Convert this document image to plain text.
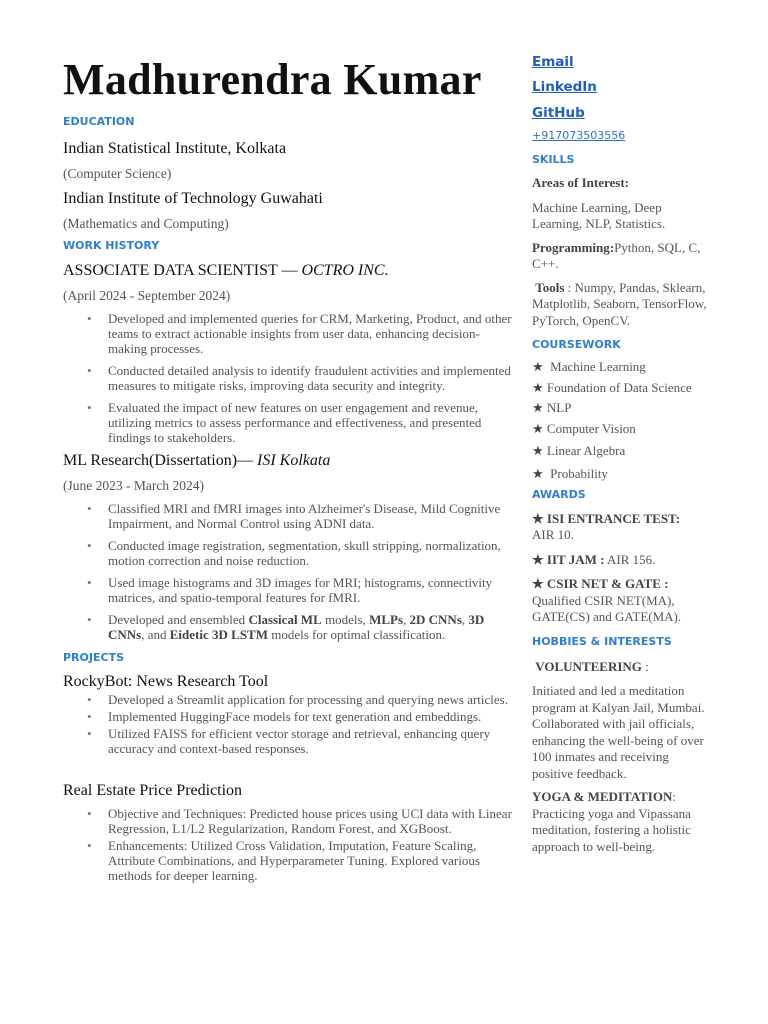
Madhurendra Kumar

EDUCATION

Indian Statistical Institute, Kolkata

(Computer Science)

Indian Institute of Technology Guwahati

(Mathematics and Computing)

WORK HISTORY

ASSOCIATE DATA SCIENTIST — OCTRO INC.

(April 2024 - September 2024)

• Developed and implemented queries for CRM, Marketing, Product, and other teams to extract actionable insights from user data, enhancing decision-making processes.
• Conducted detailed analysis to identify fraudulent activities and implemented measures to mitigate risks, improving data security and integrity.
• Evaluated the impact of new features on user engagement and revenue, utilizing metrics to assess performance and effectiveness, and presented findings to stakeholders.

ML Research(Dissertation)— ISI Kolkata

(June 2023 - March 2024)

• Classified MRI and fMRI images into Alzheimer's Disease, Mild Cognitive Impairment, and Normal Control using ADNI data.
• Conducted image registration, segmentation, skull stripping, normalization, motion correction and noise reduction.
• Used image histograms and 3D images for MRI; histograms, connectivity matrices, and spatio-temporal features for fMRI.
• Developed and ensembled Classical ML models, MLPs, 2D CNNs, 3D CNNs, and Eidetic 3D LSTM models for optimal classification.

PROJECTS

RockyBot: News Research Tool

• Developed a Streamlit application for processing and querying news articles.
• Implemented HuggingFace models for text generation and embeddings.
• Utilized FAISS for efficient vector storage and retrieval, enhancing query accuracy and context-based responses.

Real Estate Price Prediction

• Objective and Techniques: Predicted house prices using UCI data with Linear Regression, L1/L2 Regularization, Random Forest, and XGBoost.
• Enhancements: Utilized Cross Validation, Imputation, Feature Scaling, Attribute Combinations, and Hyperparameter Tuning. Explored various methods for deeper learning.

Email

LinkedIn

GitHub

+917073503556

SKILLS

Areas of Interest:

Machine Learning, Deep Learning, NLP, Statistics.

Programming:Python, SQL, C, C++.

Tools : Numpy, Pandas, Sklearn, Matplotlib, Seaborn, TensorFlow, PyTorch, OpenCV.

COURSEWORK

★ Machine Learning

★ Foundation of Data Science

★ NLP

★ Computer Vision

★ Linear Algebra

★ Probability

AWARDS

★ ISI ENTRANCE TEST:
AIR 10.

★ IIT JAM : AIR 156.

★ CSIR NET & GATE :
Qualified CSIR NET(MA), GATE(CS) and GATE(MA).

HOBBIES & INTERESTS

VOLUNTEERING :

Initiated and led a meditation program at Kalyan Jail, Mumbai. Collaborated with jail officials, enhancing the well-being of over 100 inmates and receiving positive feedback.

YOGA & MEDITATION: Practicing yoga and Vipassana meditation, fostering a holistic approach to well-being.
